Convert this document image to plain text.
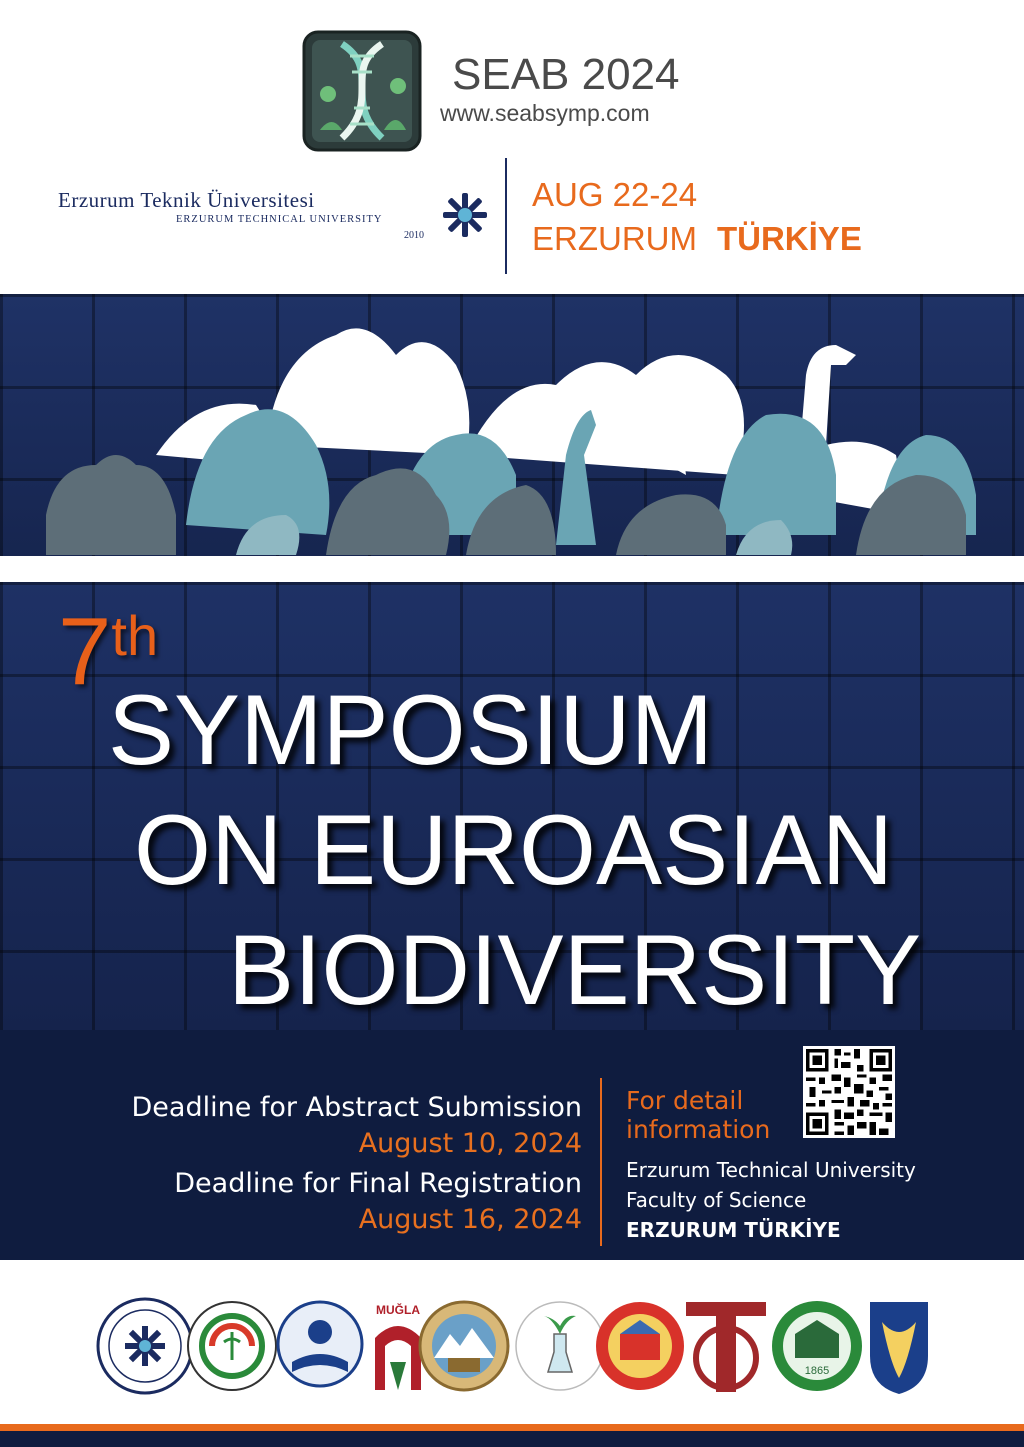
SEAB 2024
www.seabsymp.com
Erzurum Teknik Üniversitesi
ERZURUM TECHNICAL UNIVERSITY
2010
AUG 22-24
ERZURUM TÜRKİYE
7th
SYMPOSIUM
ON EUROASIAN
BIODIVERSITY
Deadline for Abstract Submission
August 10, 2024
Deadline for Final Registration
August 16, 2024
For detail
information
Erzurum Technical University
Faculty of Science
ERZURUM TÜRKİYE
MUĞLA
1865
